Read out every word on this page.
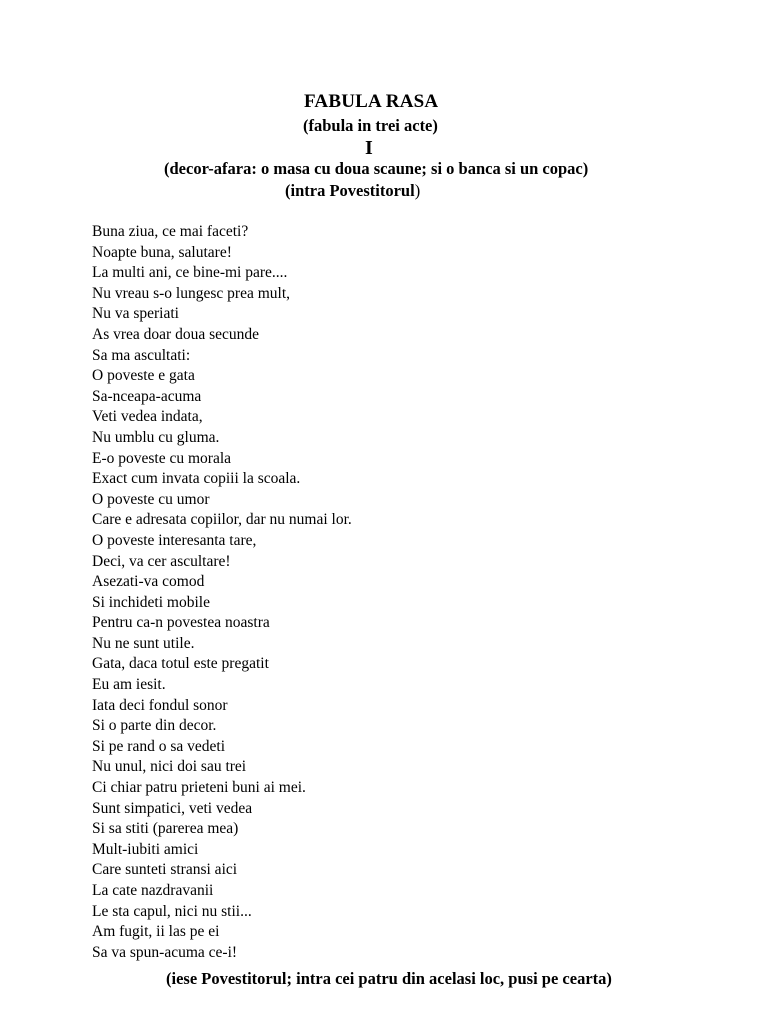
FABULA RASA
(fabula in trei acte)
I
(decor-afara: o masa cu doua scaune; si o banca si un copac)
(intra Povestitorul)
Buna ziua, ce mai faceti?
Noapte buna, salutare!
La multi ani, ce bine-mi pare....
Nu vreau s-o lungesc prea mult,
Nu va speriati
As vrea doar doua secunde
Sa ma ascultati:
O poveste e gata
Sa-nceapa-acuma
Veti vedea indata,
Nu umblu cu gluma.
E-o poveste cu morala
Exact cum invata copiii la scoala.
O poveste cu umor
Care e adresata copiilor, dar nu numai lor.
O poveste interesanta tare,
Deci, va cer ascultare!
Asezati-va comod
Si inchideti mobile
Pentru ca-n povestea noastra
Nu ne sunt utile.
Gata, daca totul este pregatit
Eu am iesit.
Iata deci fondul sonor
Si o parte din decor.
Si pe rand o sa vedeti
Nu unul, nici doi sau trei
Ci chiar patru prieteni buni ai mei.
Sunt simpatici, veti vedea
Si sa stiti (parerea mea)
Mult-iubiti amici
Care sunteti stransi aici
La cate nazdravanii
Le sta capul, nici nu stii...
Am fugit, ii las pe ei
Sa va spun-acuma ce-i!
(iese Povestitorul; intra cei patru din acelasi loc, pusi pe cearta)
